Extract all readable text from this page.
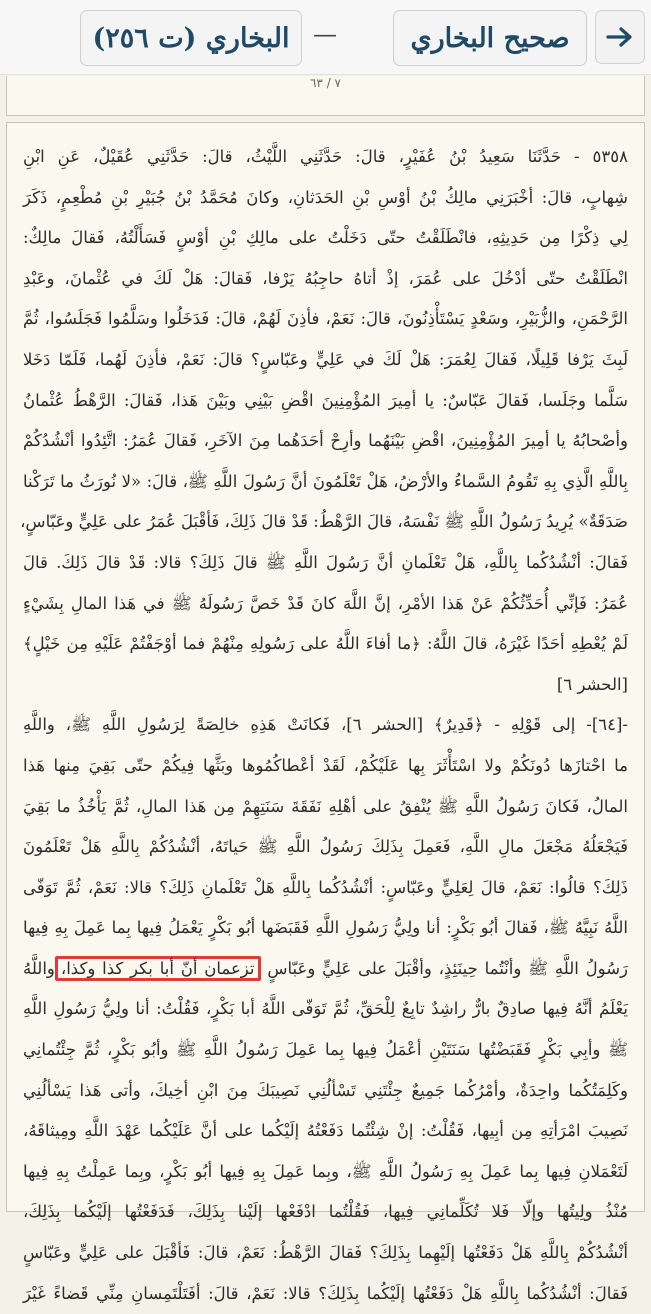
صحيح البخاري
—
البخاري (ت ٢٥٦)
٧ / ٦٣
٥٣٥٨ - حَدَّثَنَا سَعِيدُ بْنُ عُفَيْرٍ، قالَ: حَدَّثَنِي اللَّيْثُ، قالَ: حَدَّثَنِي عُقَيْلٌ، عَنِ ابْنِ
شِهابٍ، قالَ: أخْبَرَنِي مالِكُ بْنُ أوْسِ بْنِ الحَدَثانِ، وكانَ مُحَمَّدُ بْنُ جُبَيْرِ بْنِ مُطْعِمٍ، ذَكَرَ
لِي ذِكْرًا مِن حَدِيثِهِ، فانْطَلَقْتُ حتّى دَخَلْتُ على مالِكِ بْنِ أوْسٍ فَسَأَلْتُهُ، فَقالَ مالِكٌ:
انْطَلَقْتُ حتّى أدْخُلَ على عُمَرَ، إذْ أتاهُ حاجِبُهُ يَرْفا، فَقالَ: هَلْ لَكَ في عُثْمانَ، وعَبْدِ
الرَّحْمَنِ، والزُّبَيْرِ، وسَعْدٍ يَسْتَأْذِنُونَ، قالَ: نَعَمْ، فأذِنَ لَهُمْ، قالَ: فَدَخَلُوا وسَلَّمُوا فَجَلَسُوا، ثُمَّ
لَبِثَ يَرْفا قَلِيلًا، فَقالَ لِعُمَرَ: هَلْ لَكَ في عَلِيٍّ وعَبّاسٍ؟ قالَ: نَعَمْ، فأذِنَ لَهُما، فَلَمّا دَخَلا
سَلَّما وجَلَسا، فَقالَ عَبّاسٌ: يا أمِيرَ المُؤْمِنِينَ اقْضِ بَيْنِي وبَيْنَ هَذا، فَقالَ: الرَّهْطُ عُثْمانُ
وأصْحابُهُ يا أمِيرَ المُؤْمِنِينَ، اقْضِ بَيْنَهُما وأرِحْ أحَدَهُما مِنَ الآخَرِ، فَقالَ عُمَرُ: اتَّئِدُوا أنْشُدُكُمْ
بِاللَّهِ الَّذِي بِهِ تَقُومُ السَّماءُ والأرْضُ، هَلْ تَعْلَمُونَ أنَّ رَسُولَ اللَّهِ ﷺ، قالَ: «لا نُورَثُ ما تَرَكْنا
صَدَقَةٌ» يُرِيدُ رَسُولُ اللَّهِ ﷺ نَفْسَهُ، قالَ الرَّهْطُ: قَدْ قالَ ذَلِكَ، فَأقْبَلَ عُمَرُ على عَلِيٍّ وعَبّاسٍ،
فَقالَ: أنْشُدُكُما بِاللَّهِ، هَلْ تَعْلَمانِ أنَّ رَسُولَ اللَّهِ ﷺ قالَ ذَلِكَ؟ قالا: قَدْ قالَ ذَلِكَ. قالَ
عُمَرُ: فَإنِّي أُحَدِّثُكُمْ عَنْ هَذا الأمْرِ، إنَّ اللَّهَ كانَ قَدْ خَصَّ رَسُولَهُ ﷺ في هَذا المالِ بِشَيْءٍ
لَمْ يُعْطِهِ أحَدًا غَيْرَهُ، قالَ اللَّهُ: ﴿ما أفاءَ اللَّهُ على رَسُولِهِ مِنْهُمْ فما أوْجَفْتُمْ عَلَيْهِ مِن خَيْلٍ﴾
[الحشر ٦]
-[٦٤]- إلى قَوْلِهِ - ﴿قَدِيرٌ﴾ [الحشر ٦]، فَكانَتْ هَذِهِ خالِصَةً لِرَسُولِ اللَّهِ ﷺ، واللَّهِ
ما احْتازَها دُونَكُمْ ولا اسْتَأْثَرَ بِها عَلَيْكُمْ، لَقَدْ أعْطاكُمُوها وبَثَّها فِيكُمْ حتّى بَقِيَ مِنها هَذا
المالُ، فَكانَ رَسُولُ اللَّهِ ﷺ يُنْفِقُ على أهْلِهِ نَفَقَةَ سَنَتِهِمْ مِن هَذا المالِ، ثُمَّ يَأْخُذُ ما بَقِيَ
فَيَجْعَلُهُ مَجْعَلَ مالِ اللَّهِ، فَعَمِلَ بِذَلِكَ رَسُولُ اللَّهِ ﷺ حَياتَهُ، أنْشُدُكُمْ بِاللَّهِ هَلْ تَعْلَمُونَ
ذَلِكَ؟ قالُوا: نَعَمْ، قالَ لِعَلِيٍّ وعَبّاسٍ: أنْشُدُكُما بِاللَّهِ هَلْ تَعْلَمانِ ذَلِكَ؟ قالا: نَعَمْ، ثُمَّ تَوَفّى
اللَّهُ نَبِيَّهُ ﷺ، فَقالَ أبُو بَكْرٍ: أنا ولِيُّ رَسُولِ اللَّهِ فَقَبَضَها أبُو بَكْرٍ يَعْمَلُ فِيها بِما عَمِلَ بِهِ فِيها
رَسُولُ اللَّهِ ﷺ وأنْتُما حِينَئِذٍ، وأقْبَلَ على عَلِيٍّ وعَبّاسٍ تزعمان أنّ أبا بكر كذا وكذا،واللَّهُ
يَعْلَمُ أنَّهُ فِيها صادِقٌ بارٌّ راشِدٌ تابِعٌ لِلْحَقِّ، ثُمَّ تَوَفّى اللَّهُ أبا بَكْرٍ، فَقُلْتُ: أنا ولِيُّ رَسُولِ اللَّهِ
ﷺ وأبِي بَكْرٍ فَقَبَضْتُها سَنَتَيْنِ أعْمَلُ فِيها بِما عَمِلَ رَسُولُ اللَّهِ ﷺ وأبُو بَكْرٍ، ثُمَّ جِئْتُمانِي
وكَلِمَتُكُما واحِدَةٌ، وأمْرُكُما جَمِيعٌ جِئْتَنِي تَسْألُنِي نَصِيبَكَ مِنَ ابْنِ أخِيكَ، وأتى هَذا يَسْألُنِي
نَصِيبَ امْرَأتِهِ مِن أبِيها، فَقُلْتُ: إنْ شِئْتُما دَفَعْتُهُ إلَيْكُما على أنَّ عَلَيْكُما عَهْدَ اللَّهِ ومِيثاقَهُ،
لَتَعْمَلانِ فِيها بِما عَمِلَ بِهِ رَسُولُ اللَّهِ ﷺ، وبِما عَمِلَ بِهِ فِيها أبُو بَكْرٍ، وبِما عَمِلْتُ بِهِ فِيها
مُنْذُ ولِيتُها وإلّا فَلا تُكَلِّمانِي فِيها، فَقُلْتُما ادْفَعْها إلَيْنا بِذَلِكَ، فَدَفَعْتُها إلَيْكُما بِذَلِكَ،
أنْشُدُكُمْ بِاللَّهِ هَلْ دَفَعْتُها إلَيْهِما بِذَلِكَ؟ فَقالَ الرَّهْطُ: نَعَمْ، قالَ: فَأقْبَلَ على عَلِيٍّ وعَبّاسٍ
فَقالَ: أنْشُدُكُما بِاللَّهِ هَلْ دَفَعْتُها إلَيْكُما بِذَلِكَ؟ قالا: نَعَمْ، قالَ: أفَتَلْتَمِسانِ مِنِّي قَضاءً غَيْرَ
